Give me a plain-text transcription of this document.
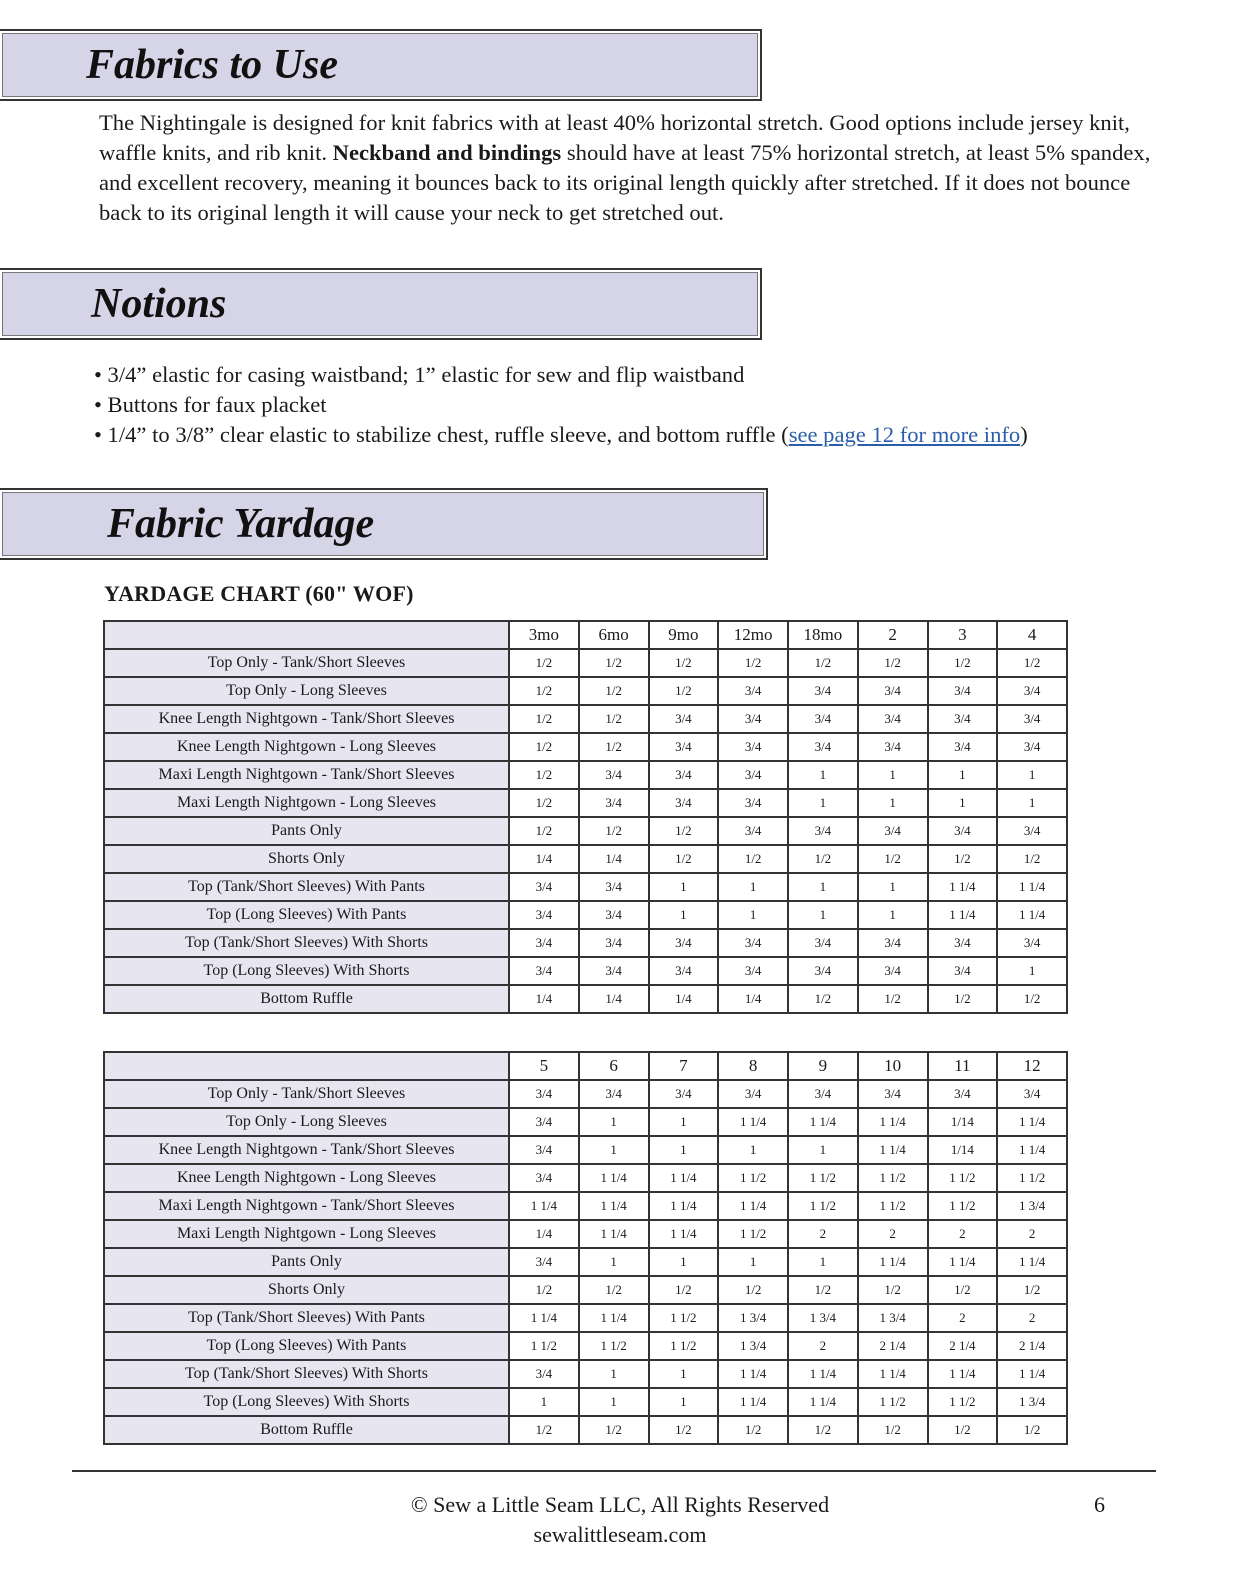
Fabrics to Use

The Nightingale is designed for knit fabrics with at least 40% horizontal stretch. Good options include jersey knit, waffle knits, and rib knit. Neckband and bindings should have at least 75% horizontal stretch, at least 5% spandex, and excellent recovery, meaning it bounces back to its original length quickly after stretched. If it does not bounce back to its original length it will cause your neck to get stretched out.

Notions
• 3/4” elastic for casing waistband; 1” elastic for sew and flip waistband
• Buttons for faux placket
• 1/4” to 3/8” clear elastic to stabilize chest, ruffle sleeve, and bottom ruffle (see page 12 for more info)
Fabric Yardage

YARDAGE CHART (60" WOF)

	3mo	6mo	9mo	12mo	18mo	2	3	4
Top Only - Tank/Short Sleeves	1/2	1/2	1/2	1/2	1/2	1/2	1/2	1/2
Top Only - Long Sleeves	1/2	1/2	1/2	3/4	3/4	3/4	3/4	3/4
Knee Length Nightgown - Tank/Short Sleeves	1/2	1/2	3/4	3/4	3/4	3/4	3/4	3/4
Knee Length Nightgown - Long Sleeves	1/2	1/2	3/4	3/4	3/4	3/4	3/4	3/4
Maxi Length Nightgown - Tank/Short Sleeves	1/2	3/4	3/4	3/4	1	1	1	1
Maxi Length Nightgown - Long Sleeves	1/2	3/4	3/4	3/4	1	1	1	1
Pants Only	1/2	1/2	1/2	3/4	3/4	3/4	3/4	3/4
Shorts Only	1/4	1/4	1/2	1/2	1/2	1/2	1/2	1/2
Top (Tank/Short Sleeves) With Pants	3/4	3/4	1	1	1	1	1 1/4	1 1/4
Top (Long Sleeves) With Pants	3/4	3/4	1	1	1	1	1 1/4	1 1/4
Top (Tank/Short Sleeves) With Shorts	3/4	3/4	3/4	3/4	3/4	3/4	3/4	3/4
Top (Long Sleeves) With Shorts	3/4	3/4	3/4	3/4	3/4	3/4	3/4	1
Bottom Ruffle	1/4	1/4	1/4	1/4	1/2	1/2	1/2	1/2
	5	6	7	8	9	10	11	12
Top Only - Tank/Short Sleeves	3/4	3/4	3/4	3/4	3/4	3/4	3/4	3/4
Top Only - Long Sleeves	3/4	1	1	1 1/4	1 1/4	1 1/4	1/14	1 1/4
Knee Length Nightgown - Tank/Short Sleeves	3/4	1	1	1	1	1 1/4	1/14	1 1/4
Knee Length Nightgown - Long Sleeves	3/4	1 1/4	1 1/4	1 1/2	1 1/2	1 1/2	1 1/2	1 1/2
Maxi Length Nightgown - Tank/Short Sleeves	1 1/4	1 1/4	1 1/4	1 1/4	1 1/2	1 1/2	1 1/2	1 3/4
Maxi Length Nightgown - Long Sleeves	1/4	1 1/4	1 1/4	1 1/2	2	2	2	2
Pants Only	3/4	1	1	1	1	1 1/4	1 1/4	1 1/4
Shorts Only	1/2	1/2	1/2	1/2	1/2	1/2	1/2	1/2
Top (Tank/Short Sleeves) With Pants	1 1/4	1 1/4	1 1/2	1 3/4	1 3/4	1 3/4	2	2
Top (Long Sleeves) With Pants	1 1/2	1 1/2	1 1/2	1 3/4	2	2 1/4	2 1/4	2 1/4
Top (Tank/Short Sleeves) With Shorts	3/4	1	1	1 1/4	1 1/4	1 1/4	1 1/4	1 1/4
Top (Long Sleeves) With Shorts	1	1	1	1 1/4	1 1/4	1 1/2	1 1/2	1 3/4
Bottom Ruffle	1/2	1/2	1/2	1/2	1/2	1/2	1/2	1/2

© Sew a Little Seam LLC, All Rights Reserved

sewalittleseam.com

6
